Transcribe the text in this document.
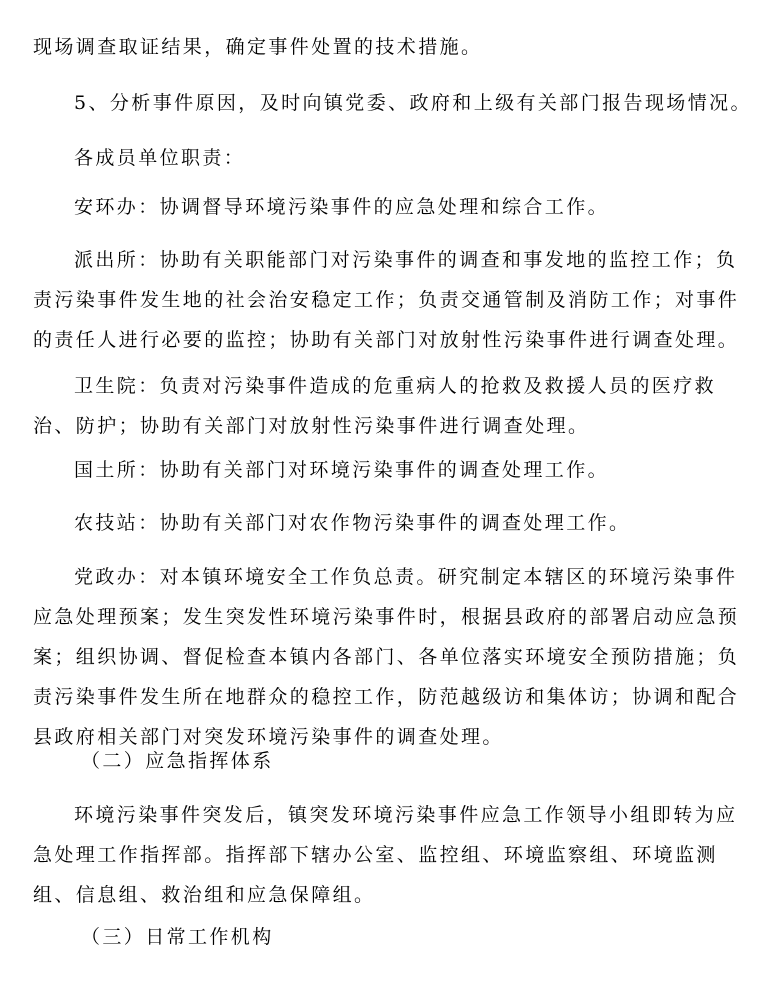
现场调查取证结果，确定事件处置的技术措施。

5、分析事件原因，及时向镇党委、政府和上级有关部门报告现场情况。

各成员单位职责：

安环办：协调督导环境污染事件的应急处理和综合工作。

派出所：协助有关职能部门对污染事件的调查和事发地的监控工作；负
责污染事件发生地的社会治安稳定工作；负责交通管制及消防工作；对事件
的责任人进行必要的监控；协助有关部门对放射性污染事件进行调查处理。

卫生院：负责对污染事件造成的危重病人的抢救及救援人员的医疗救
治、防护；协助有关部门对放射性污染事件进行调查处理。

国土所：协助有关部门对环境污染事件的调查处理工作。

农技站：协助有关部门对农作物污染事件的调查处理工作。

党政办：对本镇环境安全工作负总责。研究制定本辖区的环境污染事件
应急处理预案；发生突发性环境污染事件时，根据县政府的部署启动应急预
案；组织协调、督促检查本镇内各部门、各单位落实环境安全预防措施；负
责污染事件发生所在地群众的稳控工作，防范越级访和集体访；协调和配合
县政府相关部门对突发环境污染事件的调查处理。

（二）应急指挥体系

环境污染事件突发后，镇突发环境污染事件应急工作领导小组即转为应
急处理工作指挥部。指挥部下辖办公室、监控组、环境监察组、环境监测
组、信息组、救治组和应急保障组。

（三）日常工作机构
